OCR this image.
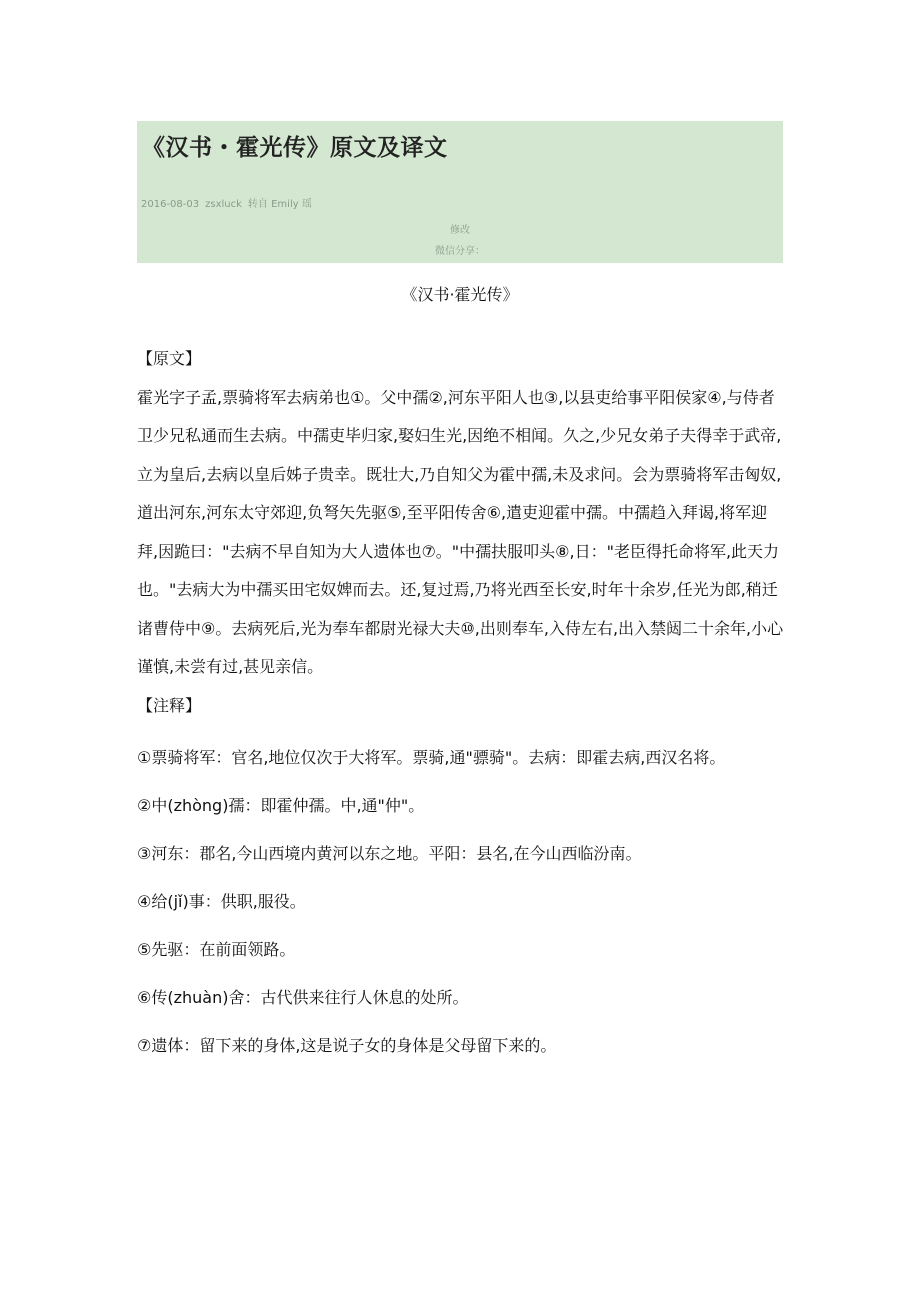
《汉书・霍光传》原文及译文
2016-08-03 zsxluck 转自 Emily 瑶
修改
微信分享：
《汉书·霍光传》

【原文】

霍光字子孟,票骑将军去病弟也①。父中孺②,河东平阳人也③,以县吏给事平阳侯家④,与侍者卫少兄私通而生去病。中孺吏毕归家,娶妇生光,因绝不相闻。久之,少兄女弟子夫得幸于武帝,立为皇后,去病以皇后姊子贵幸。既壮大,乃自知父为霍中孺,未及求问。会为票骑将军击匈奴,道出河东,河东太守郊迎,负弩矢先驱⑤,至平阳传舍⑥,遣吏迎霍中孺。中孺趋入拜谒,将军迎拜,因跪曰："去病不早自知为大人遗体也⑦。"中孺扶服叩头⑧,日："老臣得托命将军,此天力也。"去病大为中孺买田宅奴婢而去。还,复过焉,乃将光西至长安,时年十余岁,任光为郎,稍迁诸曹侍中⑨。去病死后,光为奉车都尉光禄大夫⑩,出则奉车,入侍左右,出入禁闼二十余年,小心谨慎,未尝有过,甚见亲信。

【注释】

①票骑将军：官名,地位仅次于大将军。票骑,通"骠骑"。去病：即霍去病,西汉名将。

②中(zhòng)孺：即霍仲孺。中,通"仲"。

③河东：郡名,今山西境内黄河以东之地。平阳：县名,在今山西临汾南。

④给(jǐ)事：供职,服役。

⑤先驱：在前面领路。

⑥传(zhuàn)舍：古代供来往行人休息的处所。

⑦遗体：留下来的身体,这是说子女的身体是父母留下来的。
